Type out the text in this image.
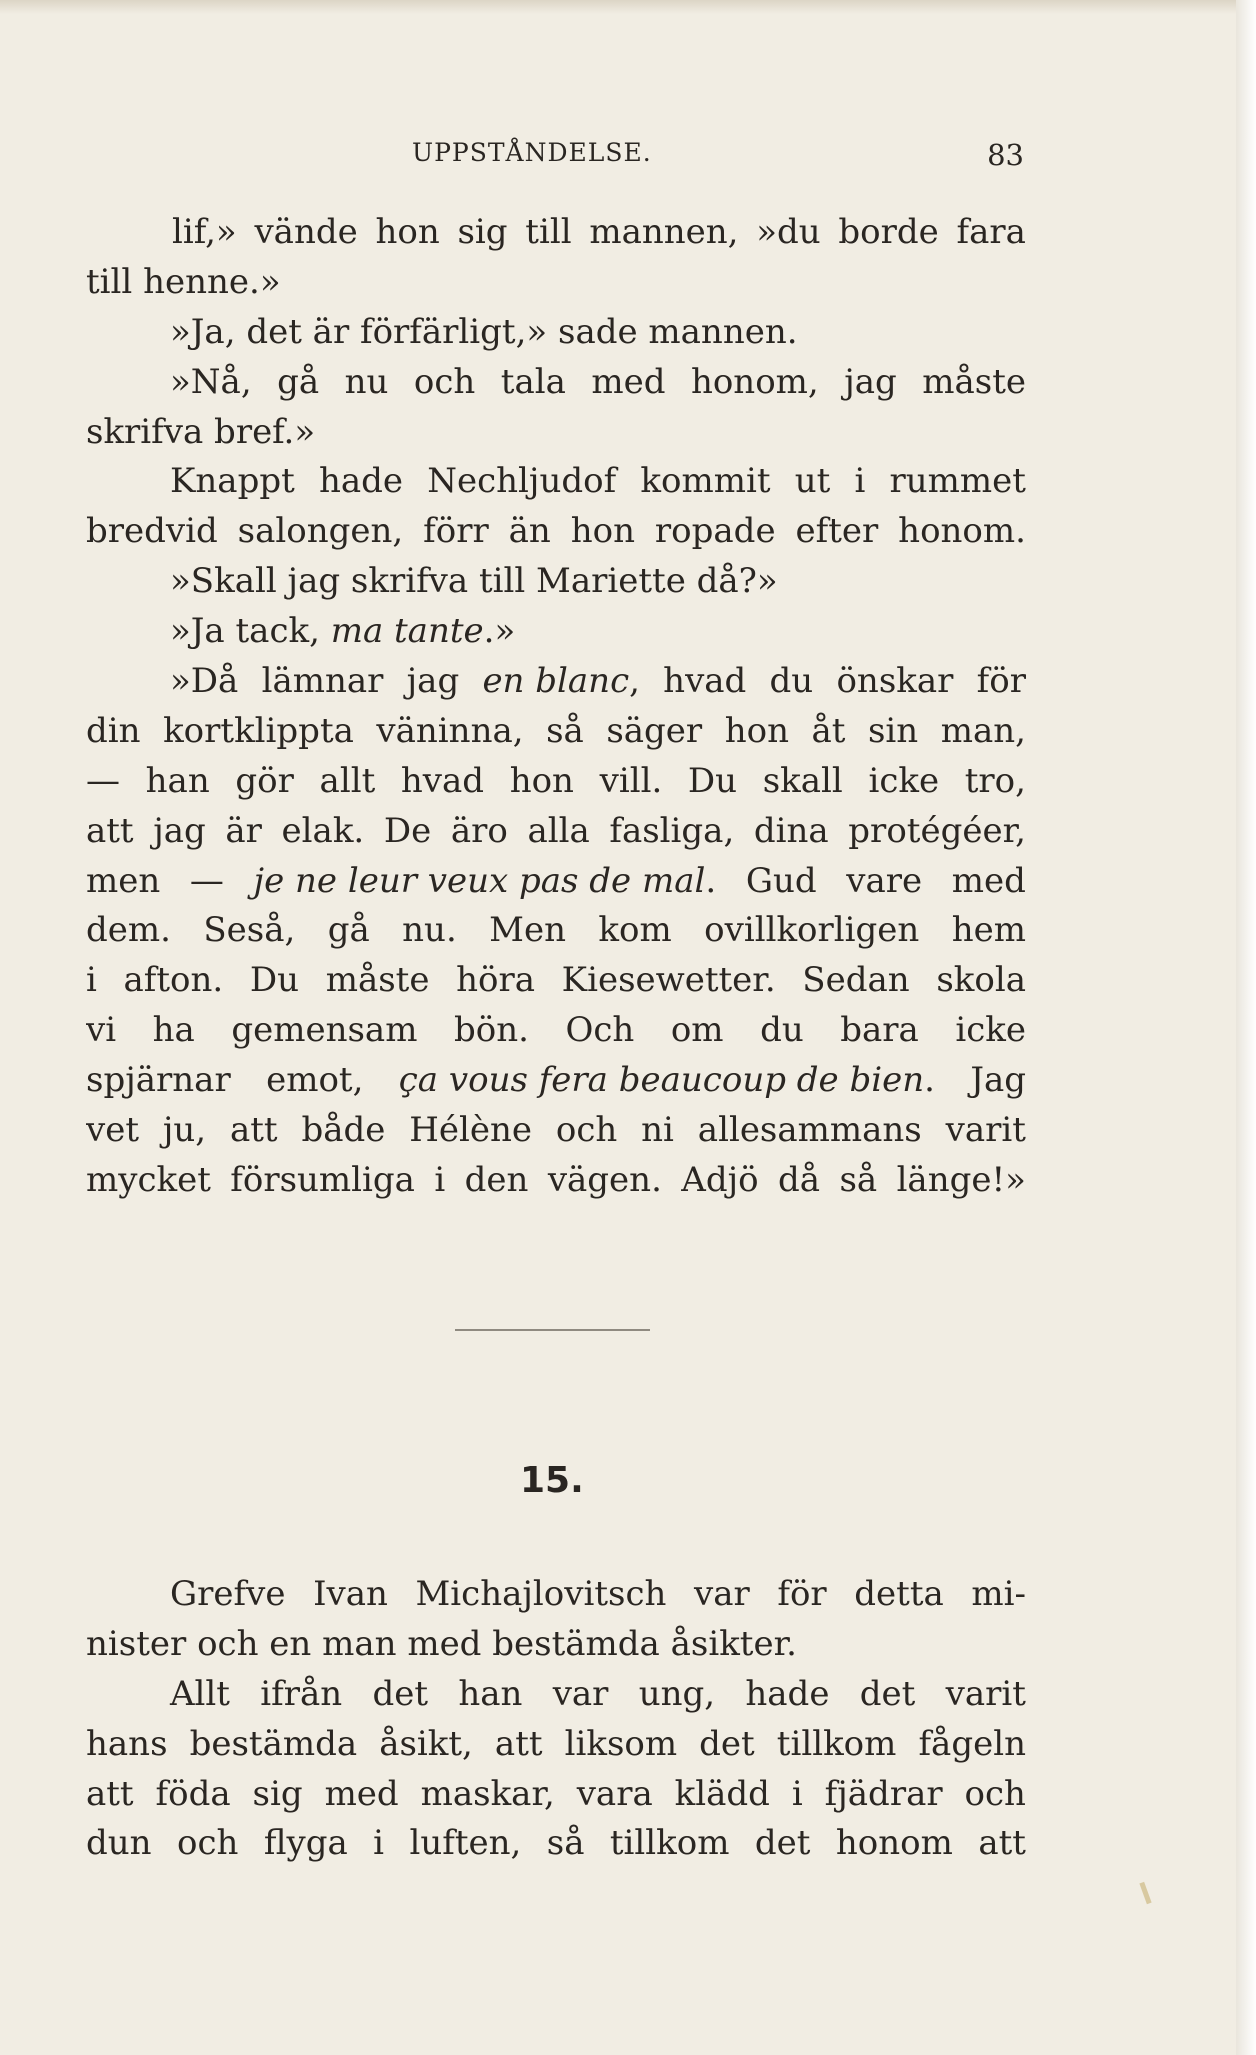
UPPSTÅNDELSE.	83
lif,» vände hon sig till mannen, »du borde fara
till henne.»
»Ja, det är förfärligt,» sade mannen.
»Nå, gå nu och tala med honom, jag måste
skrifva bref.»
Knappt hade Nechljudof kommit ut i rummet
bredvid salongen, förr än hon ropade efter honom.
»Skall jag skrifva till Mariette då?»
»Ja tack, ma tante.»
»Då lämnar jag en blanc, hvad du önskar för
din kortklippta väninna, så säger hon åt sin man,
— han gör allt hvad hon vill. Du skall icke tro,
att jag är elak. De äro alla fasliga, dina protégéer,
men — je ne leur veux pas de mal. Gud vare med
dem. Seså, gå nu. Men kom ovillkorligen hem
i afton. Du måste höra Kiesewetter. Sedan skola
vi ha gemensam bön. Och om du bara icke
spjärnar emot, ça vous fera beaucoup de bien. Jag
vet ju, att både Hélène och ni allesammans varit
mycket försumliga i den vägen. Adjö då så länge!»
15.
Grefve Ivan Michajlovitsch var för detta mi-
nister och en man med bestämda åsikter.
Allt ifrån det han var ung, hade det varit
hans bestämda åsikt, att liksom det tillkom fågeln
att föda sig med maskar, vara klädd i fjädrar och
dun och flyga i luften, så tillkom det honom att
